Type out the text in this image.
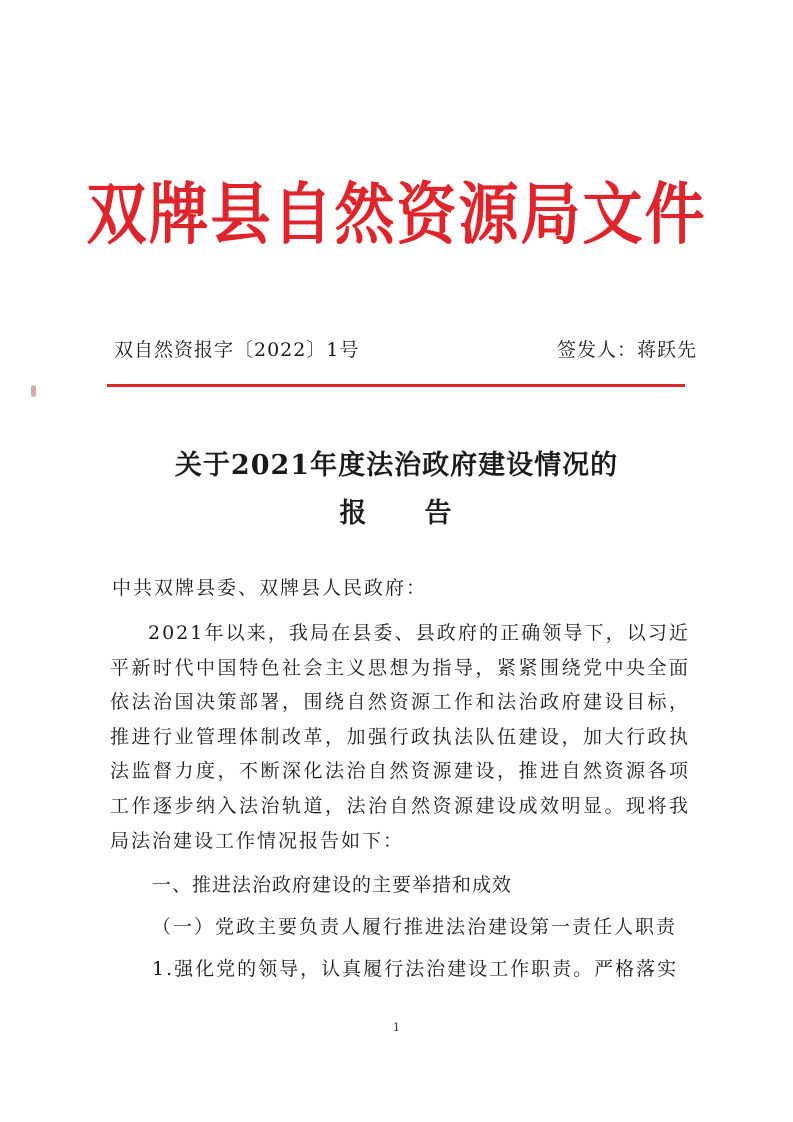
双牌县自然资源局文件
双自然资报字〔2022〕1号	签发人：蒋跃先
关于2021年度法治政府建设情况的
报 告
中共双牌县委、双牌县人民政府：

2021年以来，我局在县委、县政府的正确领导下，以习近平新时代中国特色社会主义思想为指导，紧紧围绕党中央全面依法治国决策部署，围绕自然资源工作和法治政府建设目标，推进行业管理体制改革，加强行政执法队伍建设，加大行政执法监督力度，不断深化法治自然资源建设，推进自然资源各项工作逐步纳入法治轨道，法治自然资源建设成效明显。现将我局法治建设工作情况报告如下：

一、推进法治政府建设的主要举措和成效
（一）党政主要负责人履行推进法治建设第一责任人职责
1.强化党的领导，认真履行法治建设工作职责。严格落实
1
